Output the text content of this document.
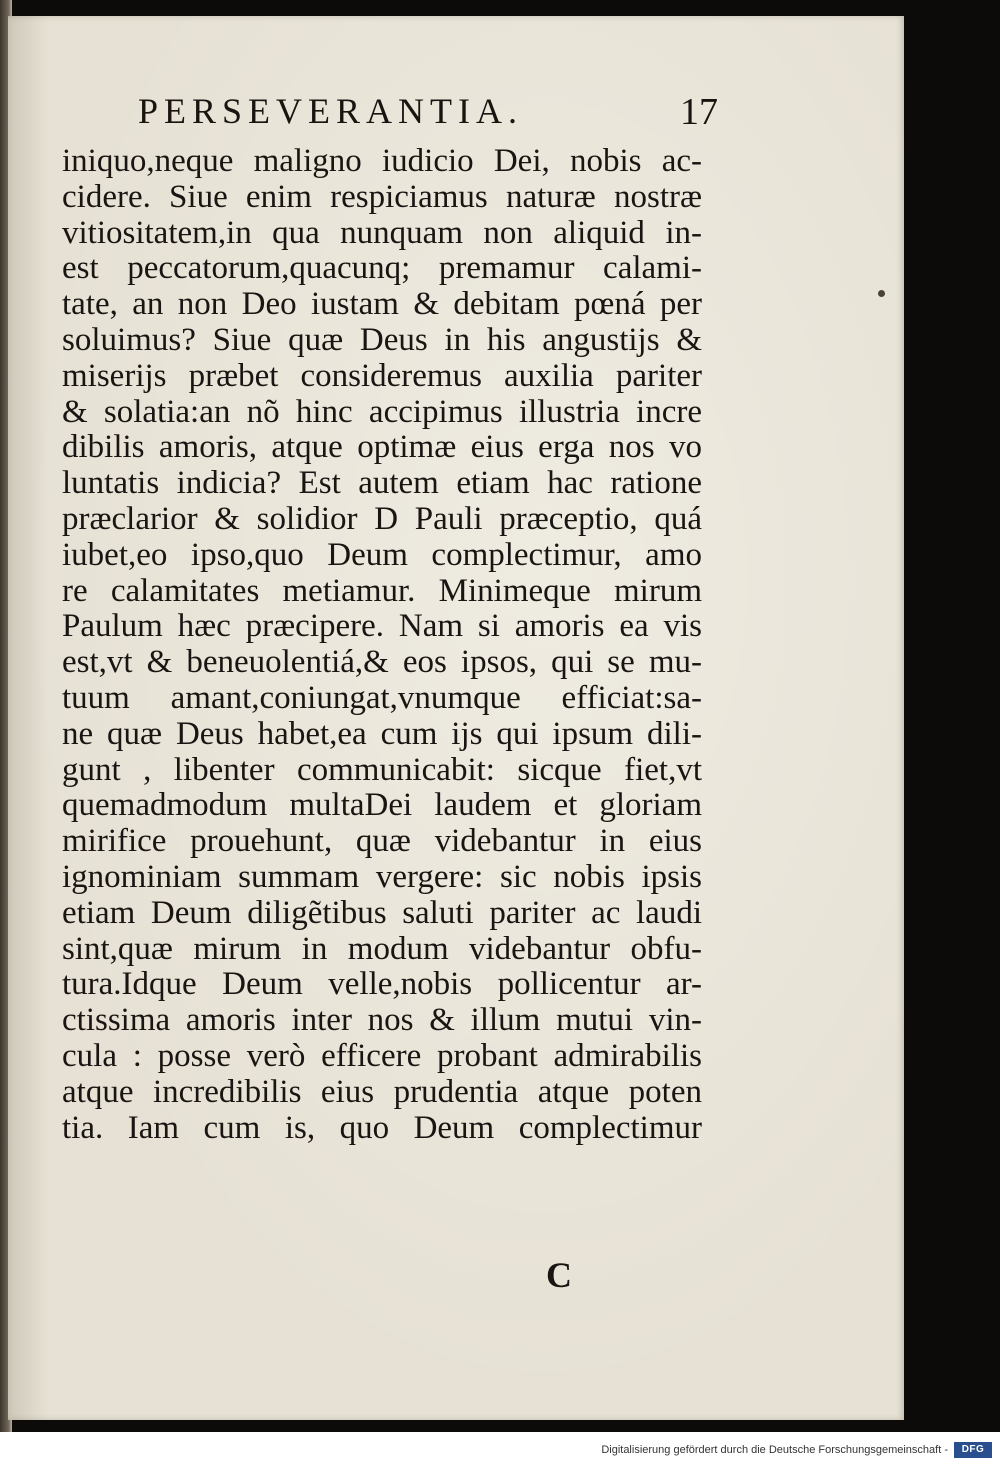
PERSEVERANTIA.	17
iniquo,neque maligno iudicio Dei, nobis ac-
cidere. Siue enim respiciamus naturæ nostræ
vitiositatem,in qua nunquam non aliquid in-
est peccatorum,quacunq; premamur calami-
tate, an non Deo iustam & debitam pœná per
soluimus? Siue quæ Deus in his angustijs &
miserijs præbet consideremus auxilia pariter
& solatia:an nõ hinc accipimus illustria incre
dibilis amoris, atque optimæ eius erga nos vo
luntatis indicia? Est autem etiam hac ratione
præclarior & solidior D Pauli præceptio, quá
iubet,eo ipso,quo Deum complectimur, amo
re calamitates metiamur. Minimeque mirum
Paulum hæc præcipere. Nam si amoris ea vis
est,vt & beneuolentiá,& eos ipsos, qui se mu-
tuum amant,coniungat,vnumque efficiat:sa-
ne quæ Deus habet,ea cum ijs qui ipsum dili-
gunt , libenter communicabit: sicque fiet,vt
quemadmodum multaDei laudem et gloriam
mirifice prouehunt, quæ videbantur in eius
ignominiam summam vergere: sic nobis ipsis
etiam Deum diligẽtibus saluti pariter ac laudi
sint,quæ mirum in modum videbantur obfu-
tura.Idque Deum velle,nobis pollicentur ar-
ctissima amoris inter nos & illum mutui vin-
cula : posse verò efficere probant admirabilis
atque incredibilis eius prudentia atque poten
tia. Iam cum is, quo Deum complectimur
C
Digitalisierung gefördert durch die Deutsche Forschungsgemeinschaft -	DFG
